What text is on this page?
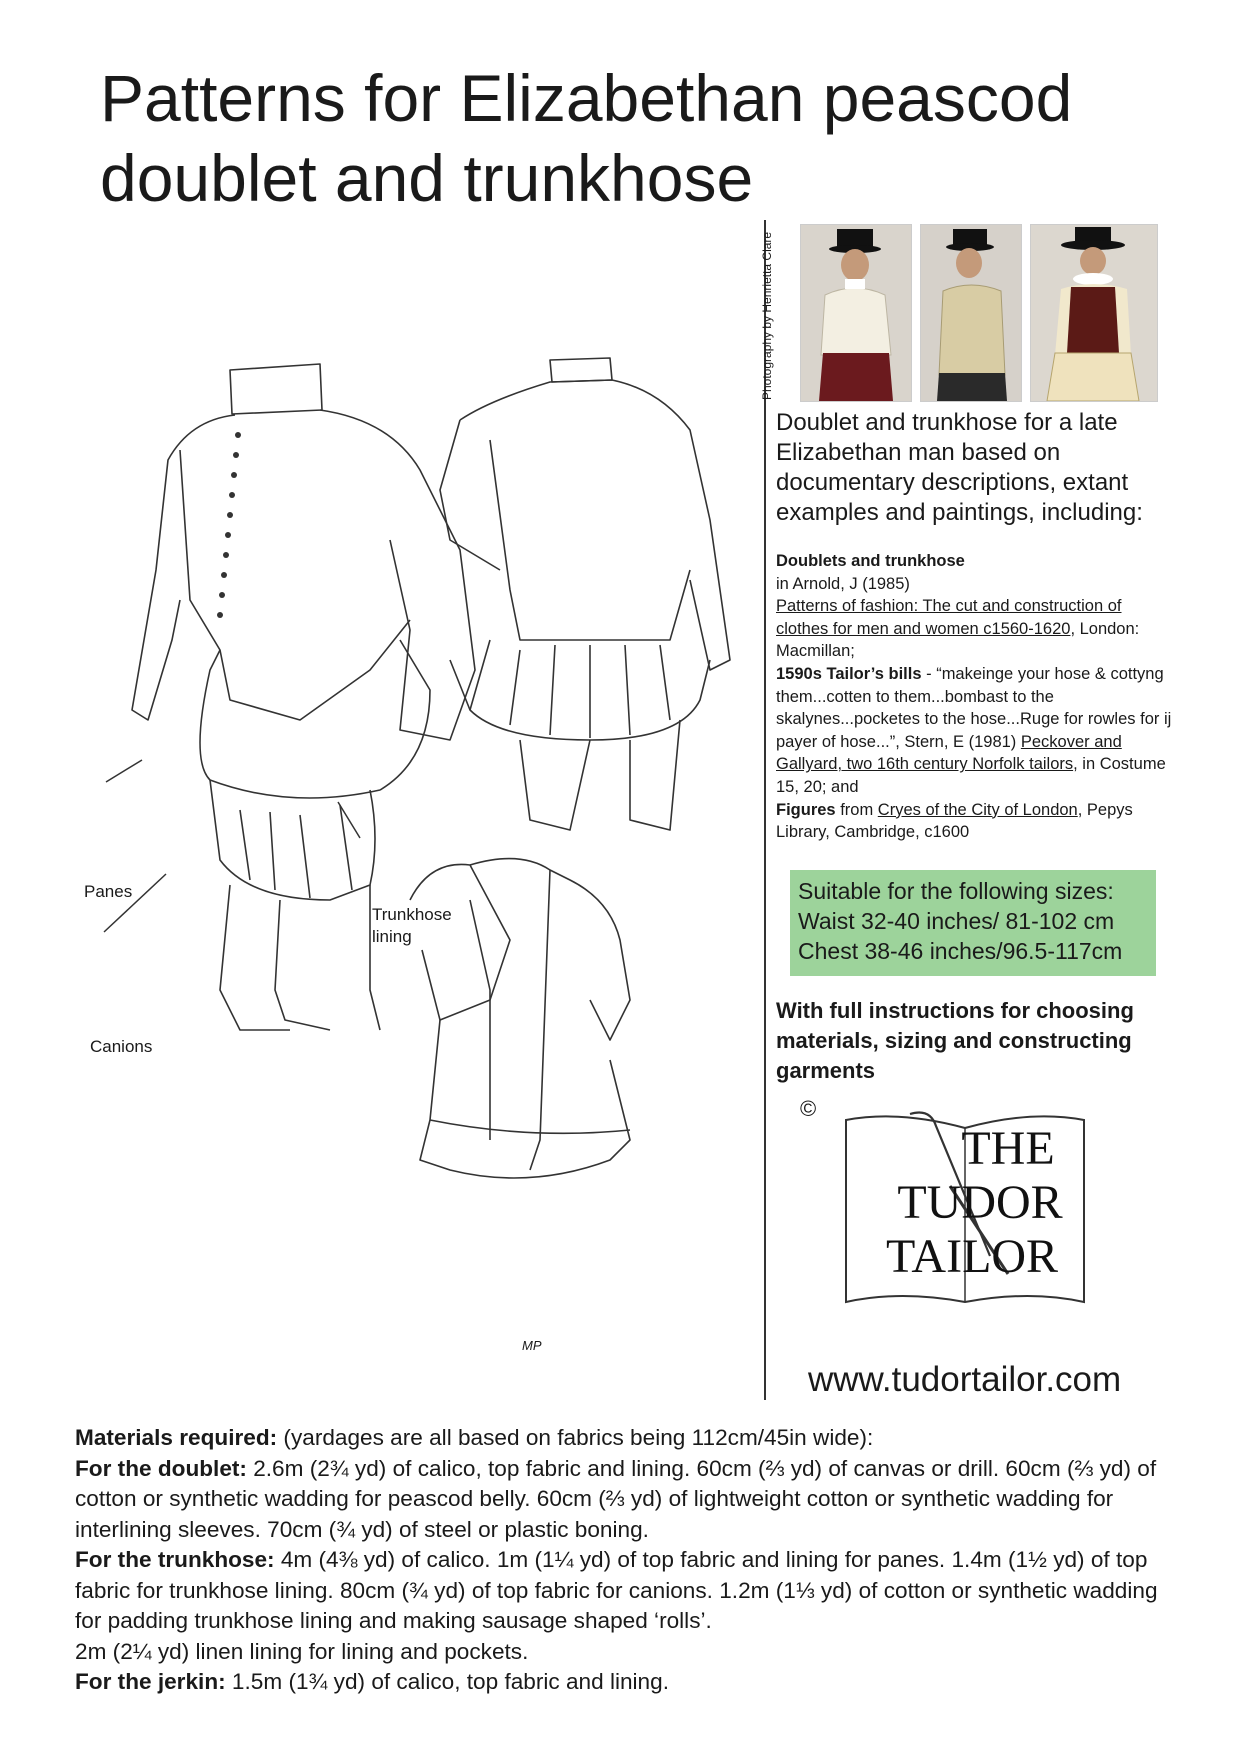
Patterns for Elizabethan peascod doublet and trunkhose
Photography by Henrietta Clare
Panes
Trunkhose
lining
Canions
MP
Doublet and trunkhose for a late Elizabethan man based on documentary descriptions, extant examples and paintings, including:
Doublets and trunkhose
in Arnold, J (1985)
Patterns of fashion: The cut and construction of clothes for men and women c1560-1620, London: Macmillan;
1590s Tailor’s bills - “makeinge your hose & cottyng them...cotten to them...bombast to the skalynes...pocketes to the hose...Ruge for rowles for ij payer of hose...”, Stern, E (1981) Peckover and Gallyard, two 16th century Norfolk tailors, in Costume 15, 20; and
Figures from Cryes of the City of London, Pepys Library, Cambridge, c1600
Suitable for the following sizes:
Waist 32-40 inches/ 81-102 cm
Chest 38-46 inches/96.5-117cm
With full instructions for choosing materials, sizing and constructing garments
©
THE
TUDOR
TAILOR
www.tudortailor.com
Materials required: (yardages are all based on fabrics being 112cm/45in wide):
For the doublet: 2.6m (2¾ yd) of calico, top fabric and lining. 60cm (⅔ yd) of canvas or drill. 60cm (⅔ yd) of cotton or synthetic wadding for peascod belly. 60cm (⅔ yd) of lightweight cotton or synthetic wadding for interlining sleeves. 70cm (¾ yd) of steel or plastic boning.
For the trunkhose: 4m (4⅜ yd) of calico. 1m (1¼ yd) of top fabric and lining for panes. 1.4m (1½ yd) of top fabric for trunkhose lining. 80cm (¾ yd) of top fabric for canions. 1.2m (1⅓ yd) of cotton or synthetic wadding for padding trunkhose lining and making sausage shaped ‘rolls’.
2m (2¼ yd) linen lining for lining and pockets.
For the jerkin: 1.5m (1¾ yd) of calico, top fabric and lining.
